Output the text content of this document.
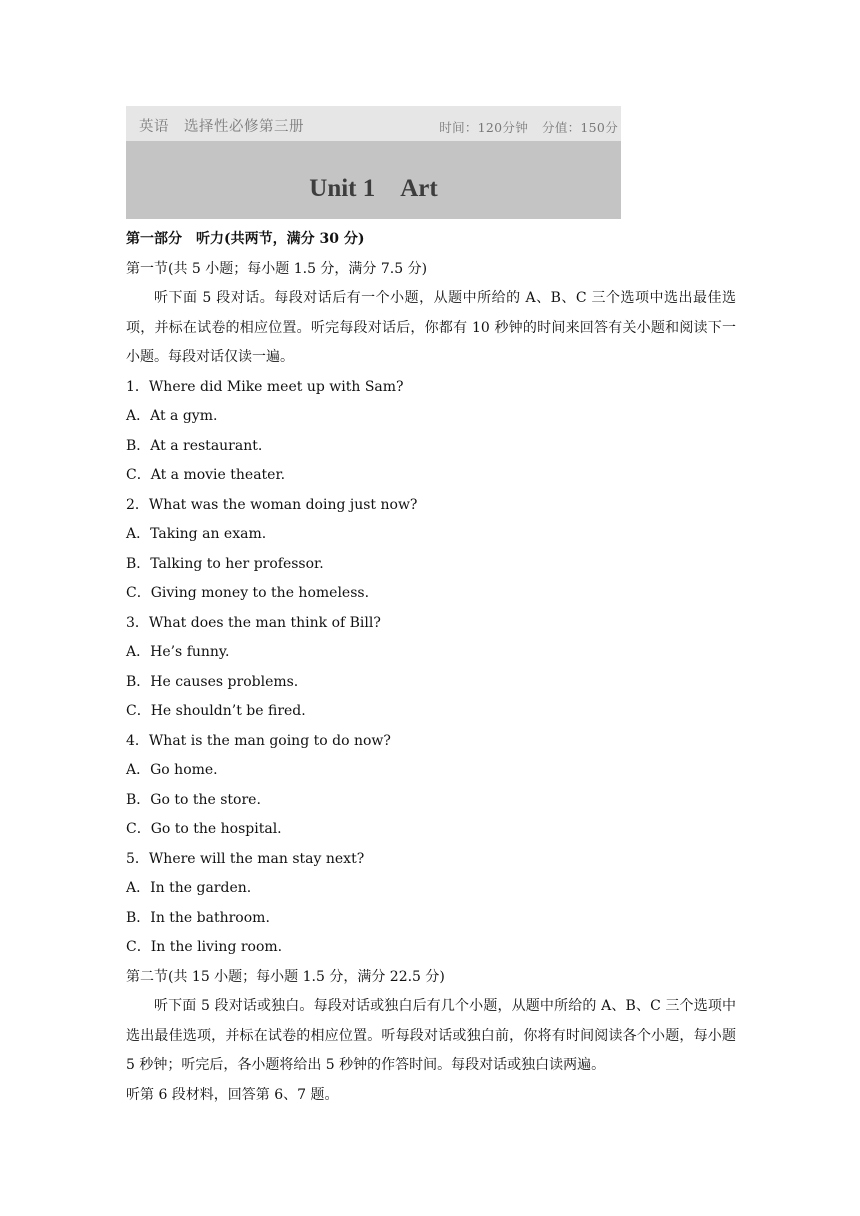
英语　选择性必修第三册	时间：120分钟 分值：150分
Unit 1　Art

第一部分　听力(共两节，满分 30 分)

第一节(共 5 小题；每小题 1.5 分，满分 7.5 分)

听下面 5 段对话。每段对话后有一个小题，从题中所给的 A、B、C 三个选项中选出最佳选项，并标在试卷的相应位置。听完每段对话后，你都有 10 秒钟的时间来回答有关小题和阅读下一小题。每段对话仅读一遍。

1．Where did Mike meet up with Sam?

A．At a gym.

B．At a restaurant.

C．At a movie theater.

2．What was the woman doing just now?

A．Taking an exam.

B．Talking to her professor.

C．Giving money to the homeless.

3．What does the man think of Bill?

A．He’s funny.

B．He causes problems.

C．He shouldn’t be fired.

4．What is the man going to do now?

A．Go home.

B．Go to the store.

C．Go to the hospital.

5．Where will the man stay next?

A．In the garden.

B．In the bathroom.

C．In the living room.

第二节(共 15 小题；每小题 1.5 分，满分 22.5 分)

听下面 5 段对话或独白。每段对话或独白后有几个小题，从题中所给的 A、B、C 三个选项中选出最佳选项，并标在试卷的相应位置。听每段对话或独白前，你将有时间阅读各个小题，每小题 5 秒钟；听完后，各小题将给出 5 秒钟的作答时间。每段对话或独白读两遍。

听第 6 段材料，回答第 6、7 题。
